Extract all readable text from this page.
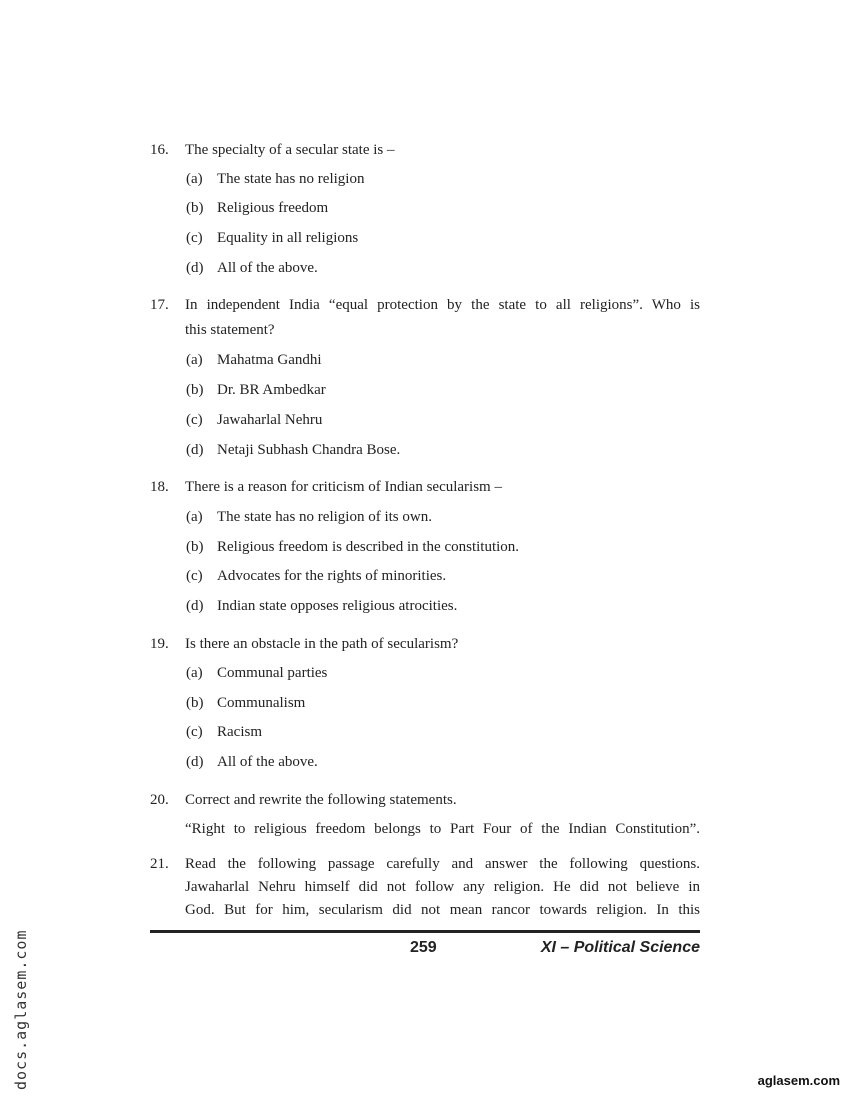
16. The specialty of a secular state is –
(a) The state has no religion
(b) Religious freedom
(c) Equality in all religions
(d) All of the above.
17. In independent India “equal protection by the state to all religions”. Who is
this statement?
(a) Mahatma Gandhi
(b) Dr. BR Ambedkar
(c) Jawaharlal Nehru
(d) Netaji Subhash Chandra Bose.
18. There is a reason for criticism of Indian secularism –
(a) The state has no religion of its own.
(b) Religious freedom is described in the constitution.
(c) Advocates for the rights of minorities.
(d) Indian state opposes religious atrocities.
19. Is there an obstacle in the path of secularism?
(a) Communal parties
(b) Communalism
(c) Racism
(d) All of the above.
20. Correct and rewrite the following statements.
“Right to religious freedom belongs to Part Four of the Indian Constitution”.
21. Read the following passage carefully and answer the following questions.
Jawaharlal Nehru himself did not follow any religion. He did not believe in
God. But for him, secularism did not mean rancor towards religion. In this
259	XI – Political Science
docs.aglasem.com	aglasem.com
